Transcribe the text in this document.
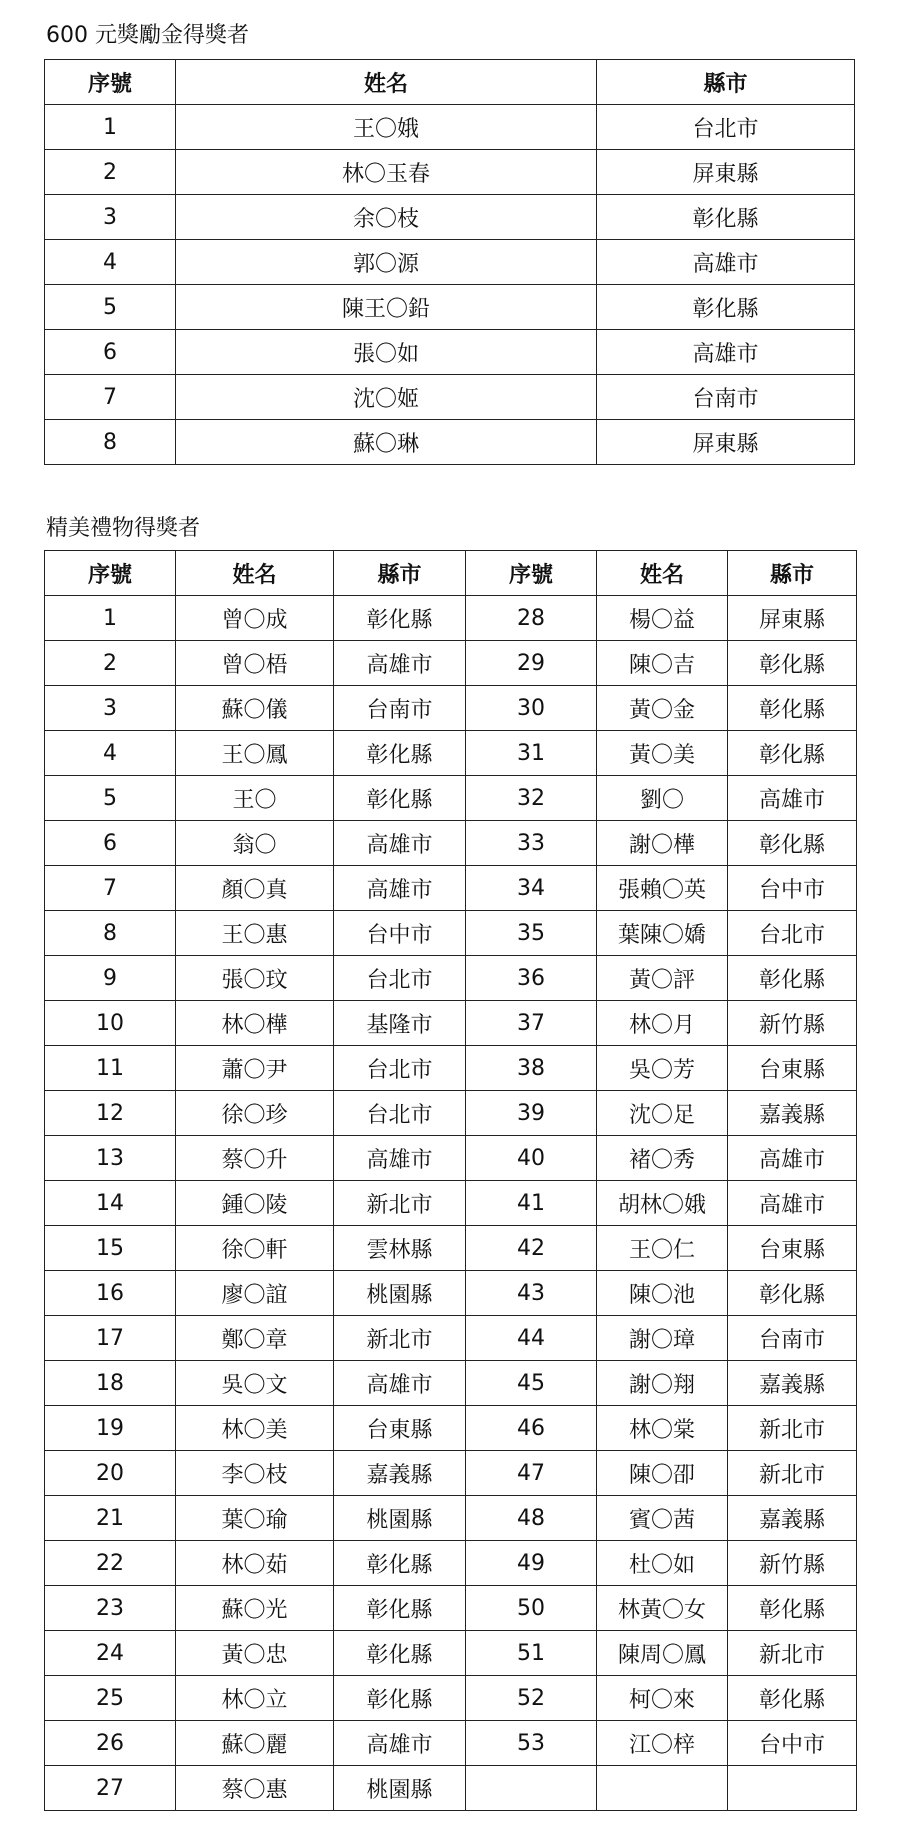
600 元獎勵金得獎者
序號	姓名	縣市
1	王〇娥	台北市
2	林〇玉春	屏東縣
3	余〇枝	彰化縣
4	郭〇源	高雄市
5	陳王〇鉛	彰化縣
6	張〇如	高雄市
7	沈〇姬	台南市
8	蘇〇琳	屏東縣
精美禮物得獎者
序號	姓名	縣市	序號	姓名	縣市
1	曾〇成	彰化縣	28	楊〇益	屏東縣
2	曾〇梧	高雄市	29	陳〇吉	彰化縣
3	蘇〇儀	台南市	30	黃〇金	彰化縣
4	王〇鳳	彰化縣	31	黃〇美	彰化縣
5	王〇	彰化縣	32	劉〇	高雄市
6	翁〇	高雄市	33	謝〇樺	彰化縣
7	顏〇真	高雄市	34	張賴〇英	台中市
8	王〇惠	台中市	35	葉陳〇嬌	台北市
9	張〇玟	台北市	36	黃〇評	彰化縣
10	林〇樺	基隆市	37	林〇月	新竹縣
11	蕭〇尹	台北市	38	吳〇芳	台東縣
12	徐〇珍	台北市	39	沈〇足	嘉義縣
13	蔡〇升	高雄市	40	褚〇秀	高雄市
14	鍾〇陵	新北市	41	胡林〇娥	高雄市
15	徐〇軒	雲林縣	42	王〇仁	台東縣
16	廖〇誼	桃園縣	43	陳〇池	彰化縣
17	鄭〇章	新北市	44	謝〇璋	台南市
18	吳〇文	高雄市	45	謝〇翔	嘉義縣
19	林〇美	台東縣	46	林〇棠	新北市
20	李〇枝	嘉義縣	47	陳〇卲	新北市
21	葉〇瑜	桃園縣	48	賓〇茜	嘉義縣
22	林〇茹	彰化縣	49	杜〇如	新竹縣
23	蘇〇光	彰化縣	50	林黃〇女	彰化縣
24	黃〇忠	彰化縣	51	陳周〇鳳	新北市
25	林〇立	彰化縣	52	柯〇來	彰化縣
26	蘇〇麗	高雄市	53	江〇梓	台中市
27	蔡〇惠	桃園縣			
